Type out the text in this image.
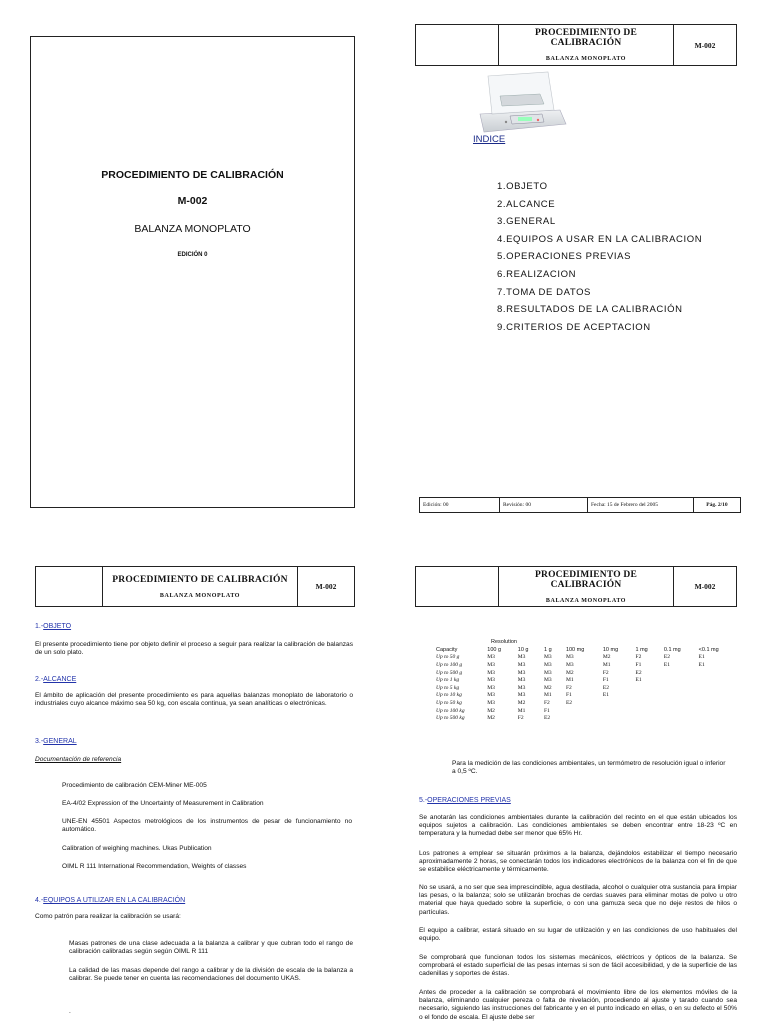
PROCEDIMIENTO DE CALIBRACIÓN
M-002
BALANZA MONOPLATO
EDICIÓN 0

PROCEDIMIENTO DE CALIBRACIÓN
BALANZA MONOPLATO
	M-002
INDICE
1.OBJETO
2.ALCANCE
3.GENERAL
4.EQUIPOS A USAR EN LA CALIBRACION
5.OPERACIONES PREVIAS
6.REALIZACION
7.TOMA DE DATOS
8.RESULTADOS DE LA CALIBRACIÓN
9.CRITERIOS DE ACEPTACION
Edición: 00	Revisión: 00	Fecha: 15 de Febrero del 2005	Pág. 2/10

PROCEDIMIENTO DE CALIBRACIÓN
BALANZA MONOPLATO
	M-002
1.-OBJETO
El presente procedimiento tiene por objeto definir el proceso a seguir para realizar la calibración de balanzas de un solo plato.
2.-ALCANCE
El ámbito de aplicación del presente procedimiento es para aquellas balanzas monoplato de laboratorio o industriales cuyo alcance máximo sea 50 kg, con escala continua, ya sean analíticas o electrónicas.
3.-GENERAL
Documentación de referencia
Procedimiento de calibración CEM-Miner ME-005
EA-4/02 Expression of the Uncertainty of Measurement in Calibration
UNE-EN 45501 Aspectos metrológicos de los instrumentos de pesar de funcionamiento no automático.
Calibration of weighing machines. Ukas Publication
OIML R 111 International Recommendation, Weights of classes
4.-EQUIPOS A UTILIZAR EN LA CALIBRACIÓN
Como patrón para realizar la calibración se usará:
Masas patrones de una clase adecuada a la balanza a calibrar y que cubran todo el rango de calibración calibradas según según OIML R 111
La calidad de las masas depende del rango a calibrar y de la división de escala de la balanza a calibrar. Se puede tener en cuenta las recomendaciones del documento UKAS.
.

PROCEDIMIENTO DE CALIBRACIÓN
BALANZA MONOPLATO
	M-002
Resolution
Capacity	100 g	10 g	1 g	100 mg	10 mg	1 mg	0.1 mg	<0.1 mg
Up to 50 g	M3	M3	M3	M3	M2	F2	E2	E1
Up to 100 g	M3	M3	M3	M3	M1	F1	E1	E1
Up to 500 g	M3	M3	M3	M2	F2	E2		
Up to 1 kg	M3	M3	M3	M1	F1	E1		
Up to 5 kg	M3	M3	M2	F2	E2			
Up to 10 kg	M3	M3	M1	F1	E1			
Up to 50 kg	M3	M2	F2	E2				
Up to 100 kg	M2	M1	F1					
Up to 500 kg	M2	F2	E2					
Para la medición de las condiciones ambientales, un termómetro de resolución igual o inferior a 0,5 ºC.
5.-OPERACIONES PREVIAS
Se anotarán las condiciones ambientales durante la calibración del recinto en el que están ubicados los equipos sujetos a calibración. Las condiciones ambientales se deben encontrar entre 18-23 ºC en temperatura y la humedad debe ser menor que 65% Hr.
Los patrones a emplear se situarán próximos a la balanza, dejándolos estabilizar el tiempo necesario aproximadamente 2 horas, se conectarán todos los indicadores electrónicos de la balanza con el fin de que se estabilice eléctricamente y térmicamente.
No se usará, a no ser que sea imprescindible, agua destilada, alcohol o cualquier otra sustancia para limpiar las pesas, o la balanza; solo se utilizarán brochas de cerdas suaves para eliminar motas de polvo u otro material que haya quedado sobre la superficie, o con una gamuza seca que no deje restos de hilos o partículas.
El equipo a calibrar, estará situado en su lugar de utilización y en las condiciones de uso habituales del equipo.
Se comprobará que funcionan todos los sistemas mecánicos, eléctricos y ópticos de la balanza. Se comprobará el estado superficial de las pesas internas si son de fácil accesibilidad, y de la superficie de las cadenillas y soportes de éstas.
Antes de proceder a la calibración se comprobará el movimiento libre de los elementos móviles de la balanza, eliminando cualquier pereza o falta de nivelación, procediendo al ajuste y tarado cuando sea necesario, siguiendo las instrucciones del fabricante y en el punto indicado en ellas, o en su defecto el 50% o el fondo de escala. El ajuste debe ser
